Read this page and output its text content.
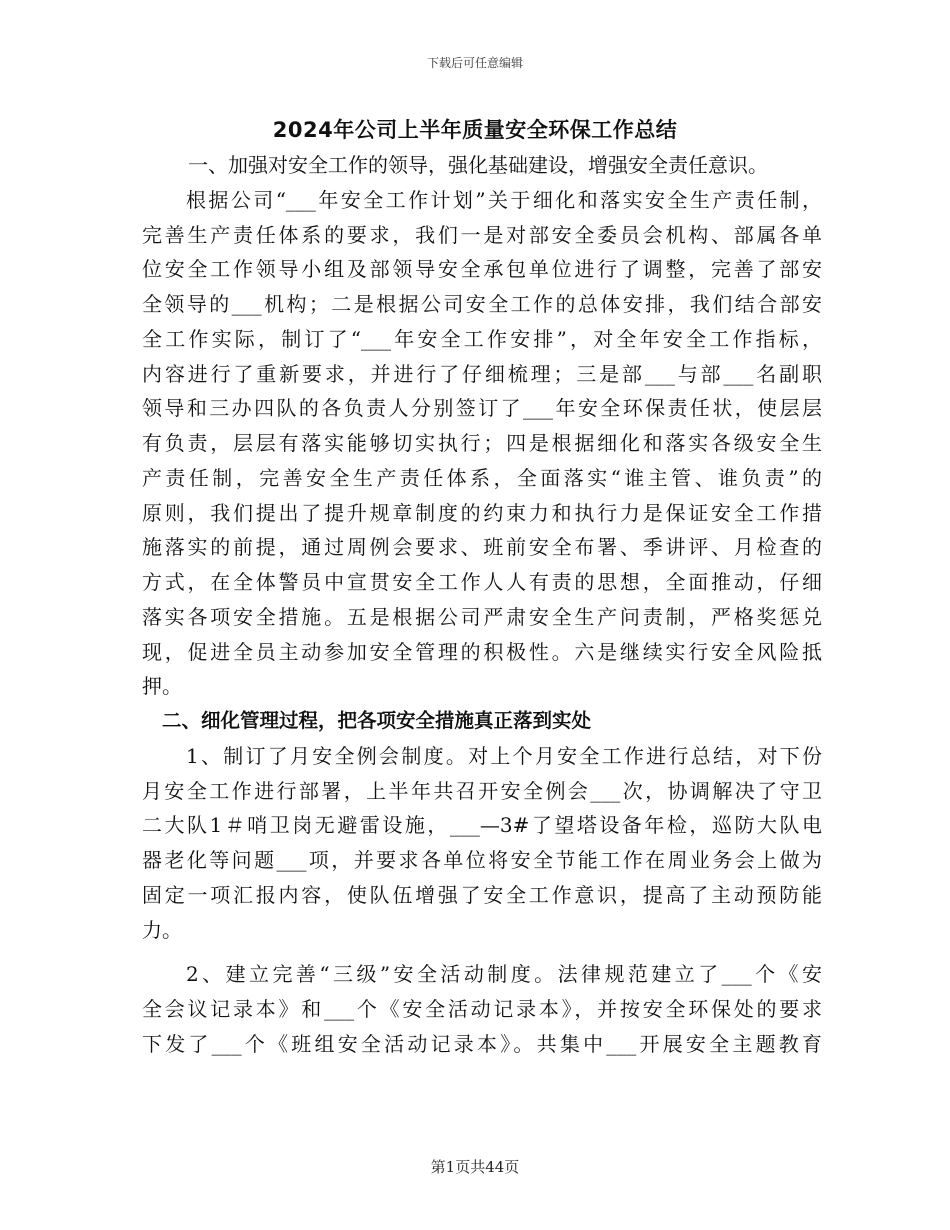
下载后可任意编辑
2024年公司上半年质量安全环保工作总结
一、加强对安全工作的领导，强化基础建设，增强安全责任意识。
根据公司“___年安全工作计划”关于细化和落实安全生产责任制，
完善生产责任体系的要求，我们一是对部安全委员会机构、部属各单
位安全工作领导小组及部领导安全承包单位进行了调整，完善了部安
全领导的___机构；二是根据公司安全工作的总体安排，我们结合部安
全工作实际，制订了“___年安全工作安排”，对全年安全工作指标，
内容进行了重新要求，并进行了仔细梳理；三是部___与部___名副职
领导和三办四队的各负责人分别签订了___年安全环保责任状，使层层
有负责，层层有落实能够切实执行；四是根据细化和落实各级安全生
产责任制，完善安全生产责任体系，全面落实“谁主管、谁负责”的
原则，我们提出了提升规章制度的约束力和执行力是保证安全工作措
施落实的前提，通过周例会要求、班前安全布署、季讲评、月检查的
方式，在全体警员中宣贯安全工作人人有责的思想，全面推动，仔细
落实各项安全措施。五是根据公司严肃安全生产问责制，严格奖惩兑
现，促进全员主动参加安全管理的积极性。六是继续实行安全风险抵
押。
二、细化管理过程，把各项安全措施真正落到实处
1、制订了月安全例会制度。对上个月安全工作进行总结，对下份
月安全工作进行部署，上半年共召开安全例会___次，协调解决了守卫
二大队1＃哨卫岗无避雷设施，___—3#了望塔设备年检，巡防大队电
器老化等问题___项，并要求各单位将安全节能工作在周业务会上做为
固定一项汇报内容，使队伍增强了安全工作意识，提高了主动预防能
力。
2、建立完善“三级”安全活动制度。法律规范建立了___个《安
全会议记录本》和___个《安全活动记录本》，并按安全环保处的要求
下发了___个《班组安全活动记录本》。共集中___开展安全主题教育
第1页共44页
